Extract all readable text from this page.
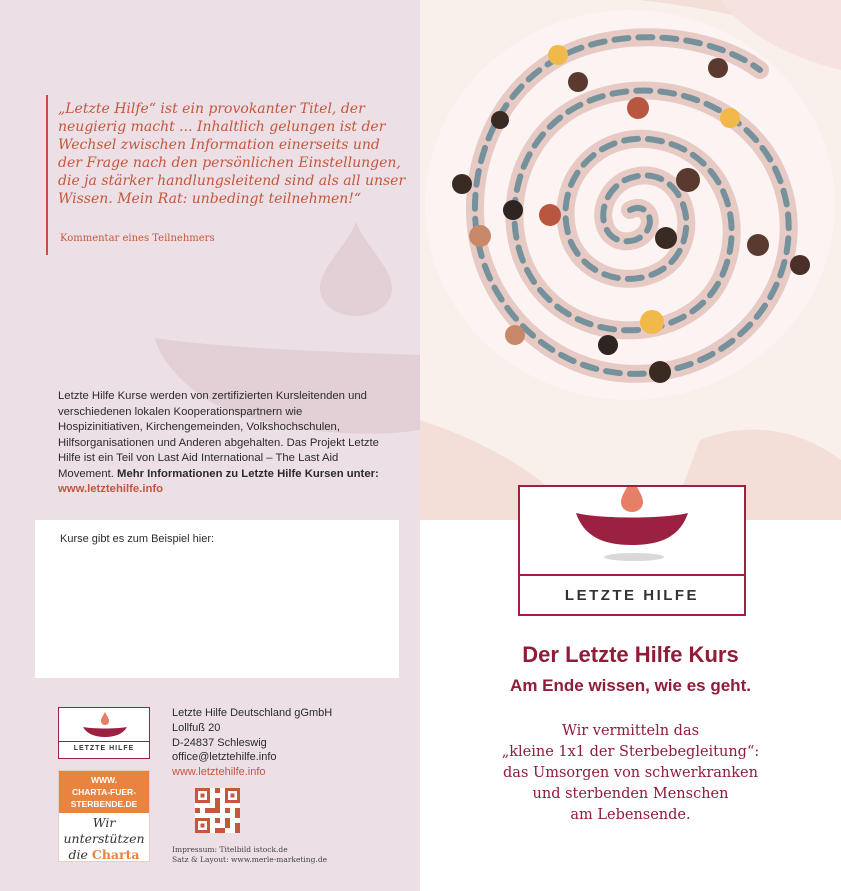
„Letzte Hilfe“ ist ein provokanter Titel, der neugierig macht ... Inhaltlich gelungen ist der Wechsel zwischen Information einerseits und der Frage nach den persönlichen Einstellungen, die ja stärker handlungsleitend sind als all unser Wissen. Mein Rat: unbedingt teilnehmen!“

Kommentar eines Teilnehmers
Letzte Hilfe Kurse werden von zertifizierten Kursleitenden und verschiedenen lokalen Kooperationspartnern wie Hospizinitiativen, Kirchengemeinden, Volkshochschulen, Hilfsorganisationen und Anderen abgehalten. Das Projekt Letzte Hilfe ist ein Teil von Last Aid International – The Last Aid Movement. Mehr Informationen zu Letzte Hilfe Kursen unter: www.letztehilfe.info
Kurse gibt es zum Beispiel hier:
LETZTE HILFE
WWW.
CHARTA-FUER-
STERBENDE.DE
Wir
unterstützen
die Charta
Letzte Hilfe Deutschland gGmbH
Lollfuß 20
D-24837 Schleswig
office@letztehilfe.info
www.letztehilfe.info
Impressum: Titelbild istock.de
Satz & Layout: www.merle-marketing.de
LETZTE HILFE
Der Letzte Hilfe Kurs
Am Ende wissen, wie es geht.
Wir vermitteln das
„kleine 1x1 der Sterbebegleitung“:
das Umsorgen von schwerkranken
und sterbenden Menschen
am Lebensende.
